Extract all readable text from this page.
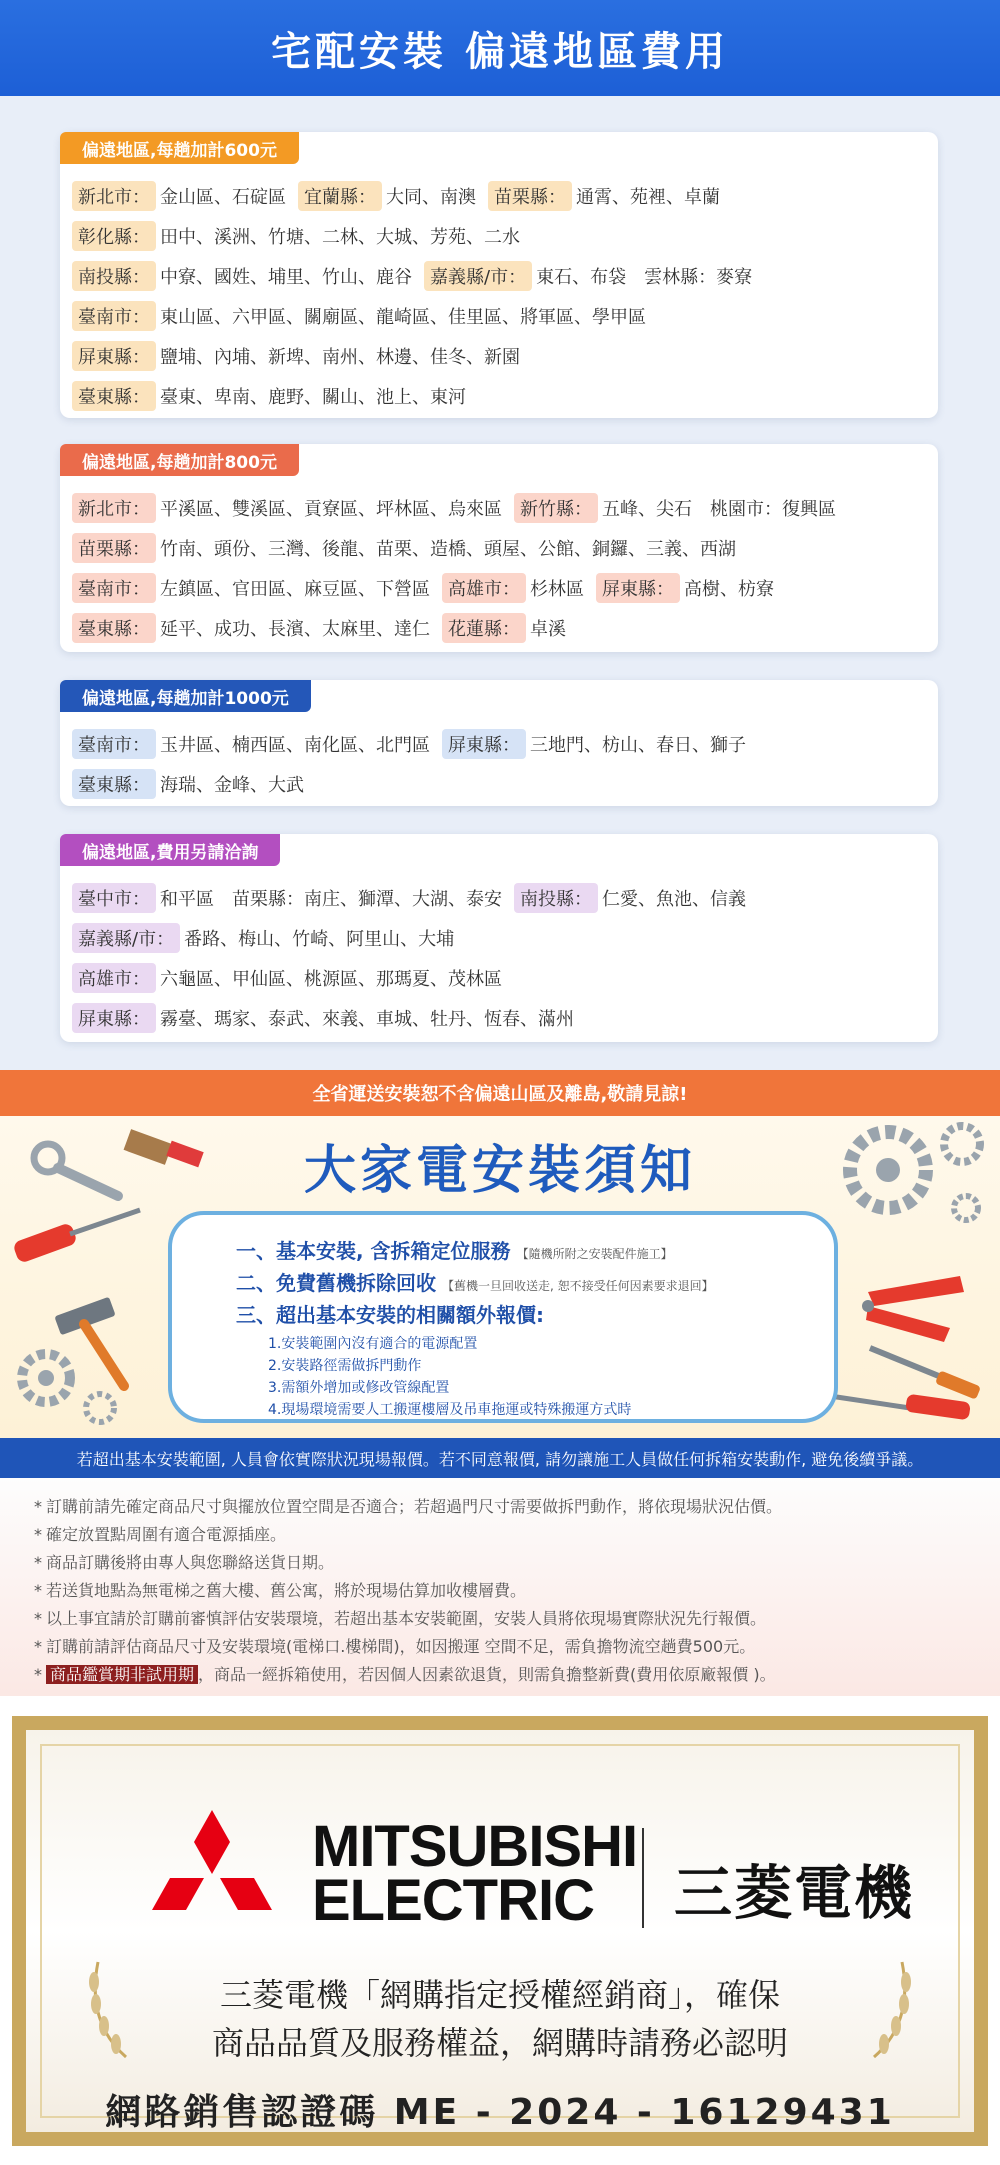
宅配安裝 偏遠地區費用
偏遠地區,每趟加計600元
新北市： 金山區、石碇區	宜蘭縣： 大同、南澳	苗栗縣： 通霄、苑裡、卓蘭
彰化縣： 田中、溪洲、竹塘、二林、大城、芳苑、二水
南投縣： 中寮、國姓、埔里、竹山、鹿谷	嘉義縣/市： 東石、布袋　雲林縣：麥寮
臺南市： 東山區、六甲區、關廟區、龍崎區、佳里區、將軍區、學甲區
屏東縣： 鹽埔、內埔、新埤、南州、林邊、佳冬、新園
臺東縣： 臺東、卑南、鹿野、關山、池上、東河
偏遠地區,每趟加計800元
新北市： 平溪區、雙溪區、貢寮區、坪林區、烏來區	新竹縣： 五峰、尖石　桃園市：復興區
苗栗縣： 竹南、頭份、三灣、後龍、苗栗、造橋、頭屋、公館、銅鑼、三義、西湖
臺南市： 左鎮區、官田區、麻豆區、下營區	高雄市： 杉林區	屏東縣： 高樹、枋寮
臺東縣： 延平、成功、長濱、太麻里、達仁	花蓮縣： 卓溪
偏遠地區,每趟加計1000元
臺南市： 玉井區、楠西區、南化區、北門區	屏東縣： 三地門、枋山、春日、獅子
臺東縣： 海瑞、金峰、大武
偏遠地區,費用另請洽詢
臺中市： 和平區　苗栗縣：南庄、獅潭、大湖、泰安	南投縣： 仁愛、魚池、信義
嘉義縣/市： 番路、梅山、竹崎、阿里山、大埔
高雄市： 六龜區、甲仙區、桃源區、那瑪夏、茂林區
屏東縣： 霧臺、瑪家、泰武、來義、車城、牡丹、恆春、滿州
全省運送安裝恕不含偏遠山區及離島,敬請見諒!
大家電安裝須知
一、基本安裝, 含拆箱定位服務 【隨機所附之安裝配件施工】
二、免費舊機拆除回收 【舊機一旦回收送走, 恕不接受任何因素要求退回】
三、超出基本安裝的相關額外報價:
1.安裝範圍內沒有適合的電源配置
2.安裝路徑需做拆門動作
3.需額外增加或修改管線配置
4.現場環境需要人工搬運樓層及吊車拖運或特殊搬運方式時
若超出基本安裝範圍, 人員會依實際狀況現場報價。若不同意報價, 請勿讓施工人員做任何拆箱安裝動作, 避免後續爭議。
* 訂購前請先確定商品尺寸與擺放位置空間是否適合；若超過門尺寸需要做拆門動作，將依現場狀況估價。
* 確定放置點周圍有適合電源插座。
* 商品訂購後將由專人與您聯絡送貨日期。
* 若送貨地點為無電梯之舊大樓、舊公寓，將於現場估算加收樓層費。
* 以上事宜請於訂購前審慎評估安裝環境，若超出基本安裝範圍，安裝人員將依現場實際狀況先行報價。
* 訂購前請評估商品尺寸及安裝環境(電梯口.樓梯間)，如因搬運 空間不足，需負擔物流空趟費500元。
* 商品鑑賞期非試用期 ，商品一經拆箱使用，若因個人因素欲退貨，則需負擔整新費(費用依原廠報價 )。
MITSUBISHI
ELECTRIC	三菱電機
三菱電機「網購指定授權經銷商」，確保
商品品質及服務權益，網購時請務必認明
網路銷售認證碼 ME - 2024 - 16129431
